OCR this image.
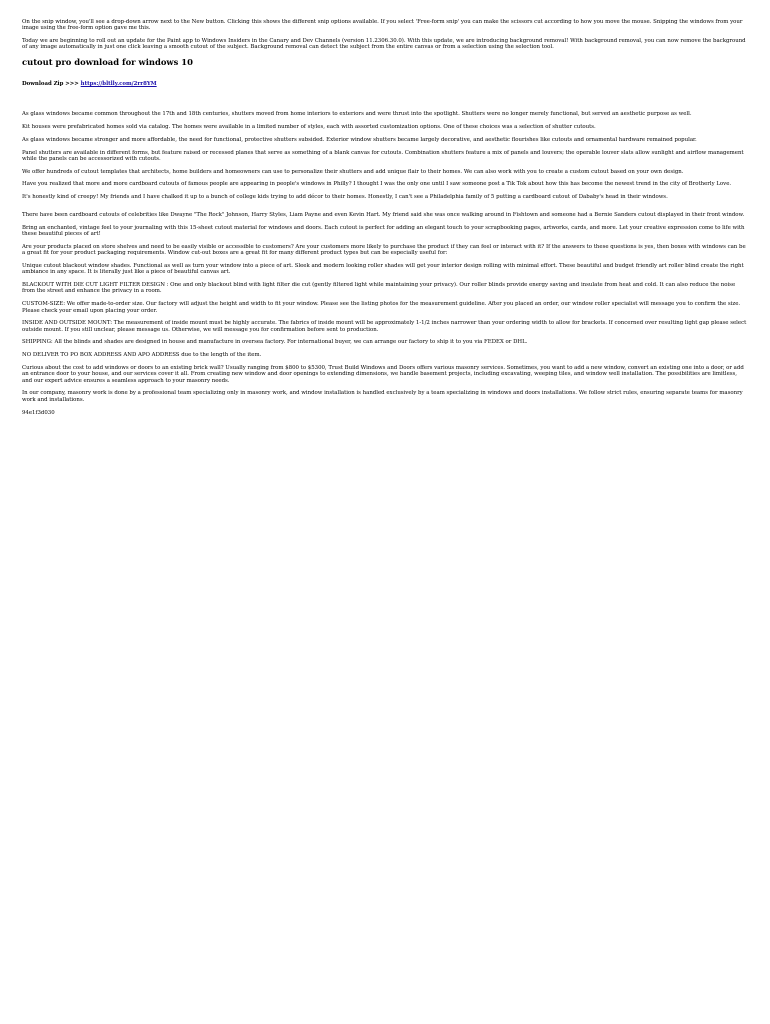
On the snip window, you'll see a drop-down arrow next to the New button. Clicking this shows the different snip options available. If you select 'Free-form snip' you can make the scissors cut according to how you move the mouse. Snipping the windows from your image using the free-form option gave me this.

Today we are beginning to roll out an update for the Paint app to Windows Insiders in the Canary and Dev Channels (version 11.2306.30.0). With this update, we are introducing background removal! With background removal, you can now remove the background of any image automatically in just one click leaving a smooth cutout of the subject. Background removal can detect the subject from the entire canvas or from a selection using the selection tool.

cutout pro download for windows 10
Download Zip >>> https://bltlly.com/2rr8YM

As glass windows became common throughout the 17th and 18th centuries, shutters moved from home interiors to exteriors and were thrust into the spotlight. Shutters were no longer merely functional, but served an aesthetic purpose as well.

Kit houses were prefabricated homes sold via catalog. The homes were available in a limited number of styles, each with assorted customization options. One of these choices was a selection of shutter cutouts.

As glass windows became stronger and more affordable, the need for functional, protective shutters subsided. Exterior window shutters became largely decorative, and aesthetic flourishes like cutouts and ornamental hardware remained popular.

Panel shutters are available in different forms, but feature raised or recessed planes that serve as something of a blank canvas for cutouts. Combination shutters feature a mix of panels and louvers; the operable louver slats allow sunlight and airflow management while the panels can be accessorized with cutouts.

We offer hundreds of cutout templates that architects, home builders and homeowners can use to personalize their shutters and add unique flair to their homes. We can also work with you to create a custom cutout based on your own design.

Have you realized that more and more cardboard cutouts of famous people are appearing in people's windows in Philly? I thought I was the only one until I saw someone post a Tik Tok about how this has become the newest trend in the city of Brotherly Love.

It's honestly kind of creepy! My friends and I have chalked it up to a bunch of college kids trying to add décor to their homes. Honestly, I can't see a Philadelphia family of 5 putting a cardboard cutout of Dababy's head in their windows.

There have been cardboard cutouts of celebrities like Dwayne "The Rock" Johnson, Harry Styles, Liam Payne and even Kevin Hart. My friend said she was once walking around in Fishtown and someone had a Bernie Sanders cutout displayed in their front window.

Bring an enchanted, vintage feel to your journaling with this 15-sheet cutout material for windows and doors. Each cutout is perfect for adding an elegant touch to your scrapbooking pages, artworks, cards, and more. Let your creative expression come to life with these beautiful pieces of art!

Are your products placed on store shelves and need to be easily visible or accessible to customers? Are your customers more likely to purchase the product if they can feel or interact with it? If the answers to these questions is yes, then boxes with windows can be a great fit for your product packaging requirements. Window cut-out boxes are a great fit for many different product types but can be especially useful for:

Unique cutout blackout window shades. Functional as well as turn your window into a piece of art. Sleek and modern looking roller shades will get your interior design rolling with minimal effort. These beautiful and budget friendly art roller blind create the right ambiance in any space. It is literally just like a piece of beautiful canvas art.

BLACKOUT WITH DIE CUT LIGHT FILTER DESIGN : One and only blackout blind with light filter die cut (gently filtered light while maintaining your privacy). Our roller blinds provide energy saving and insulate from heat and cold. It can also reduce the noise from the street and enhance the privacy in a room.

CUSTOM-SIZE: We offer made-to-order size. Our factory will adjust the height and width to fit your window. Please see the listing photos for the measurement guideline. After you placed an order, our window roller specialist will message you to confirm the size. Please check your email upon placing your order.

INSIDE AND OUTSIDE MOUNT: The measurement of inside mount must be highly accurate. The fabrics of inside mount will be approximately 1-1/2 inches narrower than your ordering width to allow for brackets. If concerned over resulting light gap please select outside mount. If you still unclear, please message us. Otherwise, we will message you for confirmation before sent to production.

SHIPPING: All the blinds and shades are designed in house and manufacture in oversea factory. For international buyer, we can arrange our factory to ship it to you via FEDEX or DHL.

NO DELIVER TO PO BOX ADDRESS AND APO ADDRESS due to the length of the item.

Curious about the cost to add windows or doors to an existing brick wall? Usually ranging from $800 to $5300, Trust Build Windows and Doors offers various masonry services. Sometimes, you want to add a new window, convert an existing one into a door, or add an entrance door to your house, and our services cover it all. From creating new window and door openings to extending dimensions, we handle basement projects, including excavating, weeping tiles, and window well installation. The possibilities are limitless, and our expert advice ensures a seamless approach to your masonry needs.

In our company, masonry work is done by a professional team specializing only in masonry work, and window installation is handled exclusively by a team specializing in windows and doors installations. We follow strict rules, ensuring separate teams for masonry work and installations.

94e1f3d030
